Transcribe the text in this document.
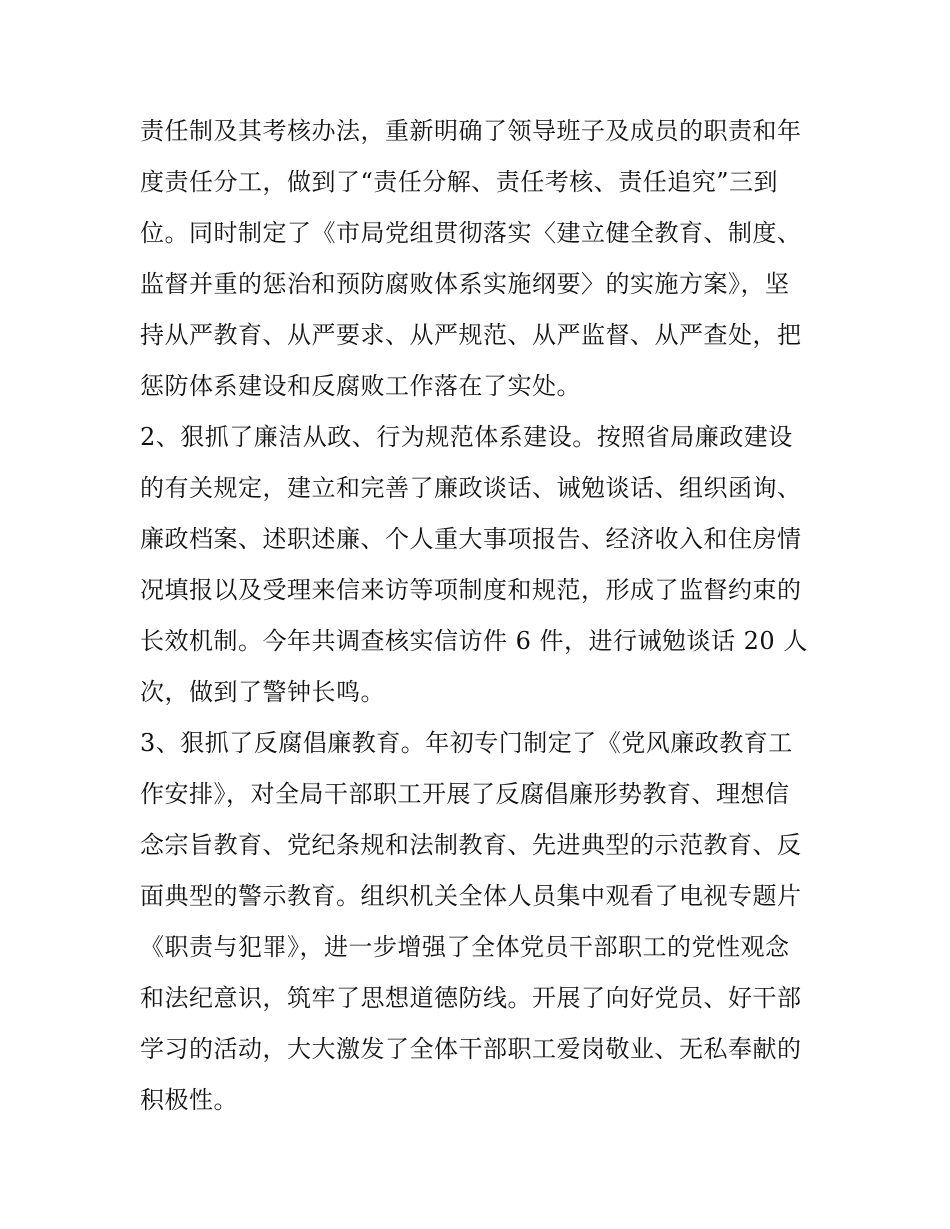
责任制及其考核办法，重新明确了领导班子及成员的职责和年
度责任分工，做到了“责任分解、责任考核、责任追究”三到
位。同时制定了《市局党组贯彻落实〈建立健全教育、制度、
监督并重的惩治和预防腐败体系实施纲要〉的实施方案》，坚
持从严教育、从严要求、从严规范、从严监督、从严查处，把
惩防体系建设和反腐败工作落在了实处。
2、狠抓了廉洁从政、行为规范体系建设。按照省局廉政建设
的有关规定，建立和完善了廉政谈话、诫勉谈话、组织函询、
廉政档案、述职述廉、个人重大事项报告、经济收入和住房情
况填报以及受理来信来访等项制度和规范，形成了监督约束的
长效机制。今年共调查核实信访件 6 件，进行诫勉谈话 20 人
次，做到了警钟长鸣。
3、狠抓了反腐倡廉教育。年初专门制定了《党风廉政教育工
作安排》，对全局干部职工开展了反腐倡廉形势教育、理想信
念宗旨教育、党纪条规和法制教育、先进典型的示范教育、反
面典型的警示教育。组织机关全体人员集中观看了电视专题片
《职责与犯罪》，进一步增强了全体党员干部职工的党性观念
和法纪意识，筑牢了思想道德防线。开展了向好党员、好干部
学习的活动，大大激发了全体干部职工爱岗敬业、无私奉献的
积极性。
